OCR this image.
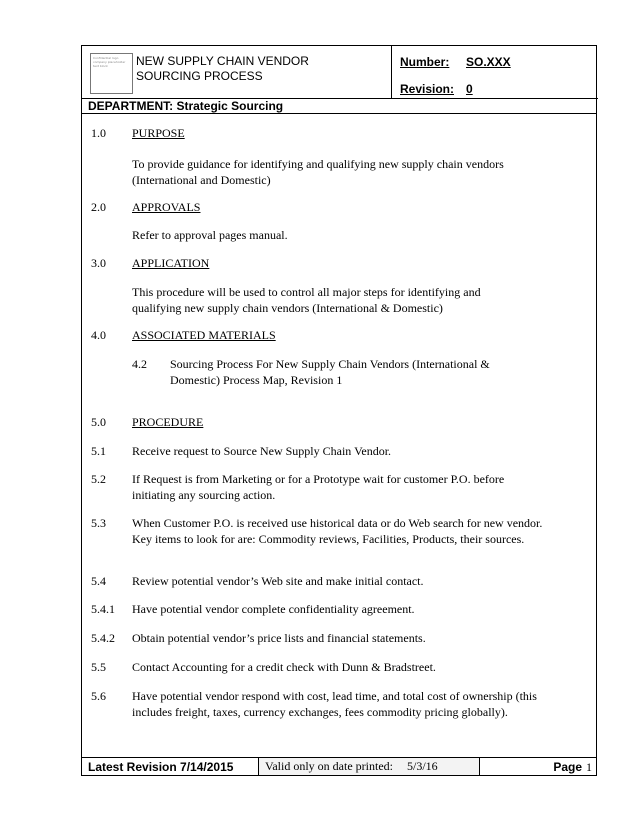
Confidential logo company placeholder text block	NEW SUPPLY CHAIN VENDOR
SOURCING PROCESS
Number: SO.XXX
Revision: 0
DEPARTMENT: Strategic Sourcing
1.0 PURPOSE
To provide guidance for identifying and qualifying new supply chain vendors (International and Domestic)
2.0 APPROVALS
Refer to approval pages manual.
3.0 APPLICATION
This procedure will be used to control all major steps for identifying and qualifying new supply chain vendors (International & Domestic)
4.0 ASSOCIATED MATERIALS
4.2 Sourcing Process For New Supply Chain Vendors (International & Domestic) Process Map, Revision 1
5.0 PROCEDURE
5.1 Receive request to Source New Supply Chain Vendor.
5.2 If Request is from Marketing or for a Prototype wait for customer P.O. before initiating any sourcing action.
5.3 When Customer P.O. is received use historical data or do Web search for new vendor. Key items to look for are: Commodity reviews, Facilities, Products, their sources.
5.4 Review potential vendor’s Web site and make initial contact.
5.4.1 Have potential vendor complete confidentiality agreement.
5.4.2 Obtain potential vendor’s price lists and financial statements.
5.5 Contact Accounting for a credit check with Dunn & Bradstreet.
5.6 Have potential vendor respond with cost, lead time, and total cost of ownership (this includes freight, taxes, currency exchanges, fees commodity pricing globally).
Latest Revision 7/14/2015	Valid only on date printed: 5/3/16	Page 1
